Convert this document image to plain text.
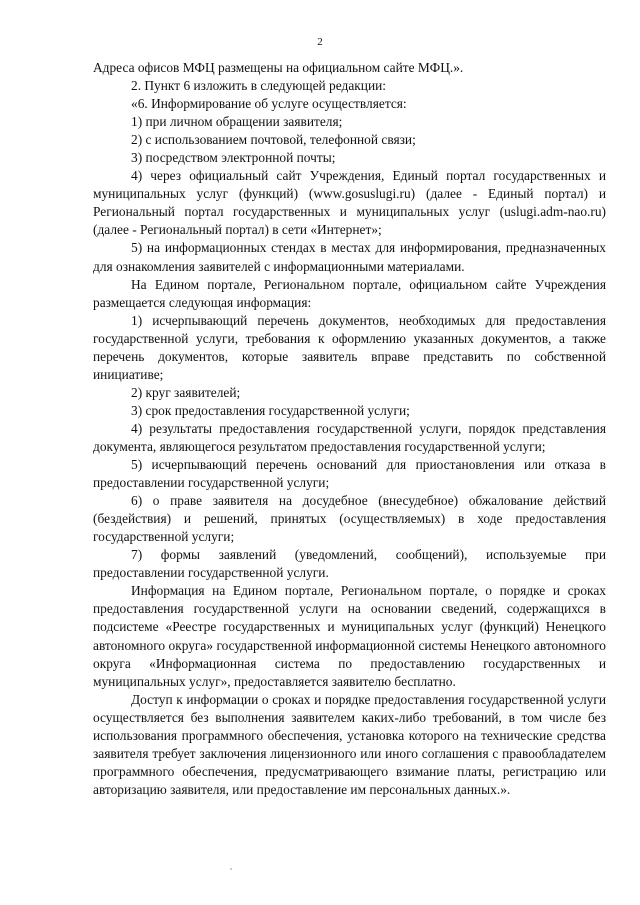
2

Адреса офисов МФЦ размещены на официальном сайте МФЦ.».

2. Пункт 6 изложить в следующей редакции:

«6. Информирование об услуге осуществляется:

1) при личном обращении заявителя;

2) с использованием почтовой, телефонной связи;

3) посредством электронной почты;

4) через официальный сайт Учреждения, Единый портал государственных и муниципальных услуг (функций) (www.gosuslugi.ru) (далее - Единый портал) и Региональный портал государственных и муниципальных услуг (uslugi.adm-nao.ru) (далее - Региональный портал) в сети «Интернет»;

5) на информационных стендах в местах для информирования, предназначенных для ознакомления заявителей с информационными материалами.

На Едином портале, Региональном портале, официальном сайте Учреждения размещается следующая информация:

1) исчерпывающий перечень документов, необходимых для предоставления государственной услуги, требования к оформлению указанных документов, а также перечень документов, которые заявитель вправе представить по собственной инициативе;

2) круг заявителей;

3) срок предоставления государственной услуги;

4) результаты предоставления государственной услуги, порядок представления документа, являющегося результатом предоставления государственной услуги;

5) исчерпывающий перечень оснований для приостановления или отказа в предоставлении государственной услуги;

6) о праве заявителя на досудебное (внесудебное) обжалование действий (бездействия) и решений, принятых (осуществляемых) в ходе предоставления государственной услуги;

7) формы заявлений (уведомлений, сообщений), используемые при предоставлении государственной услуги.

Информация на Едином портале, Региональном портале, о порядке и сроках предоставления государственной услуги на основании сведений, содержащихся в подсистеме «Реестре государственных и муниципальных услуг (функций) Ненецкого автономного округа» государственной информационной системы Ненецкого автономного округа «Информационная система по предоставлению государственных и муниципальных услуг», предоставляется заявителю бесплатно.

Доступ к информации о сроках и порядке предоставления государственной услуги осуществляется без выполнения заявителем каких-либо требований, в том числе без использования программного обеспечения, установка которого на технические средства заявителя требует заключения лицензионного или иного соглашения с правообладателем программного обеспечения, предусматривающего взимание платы, регистрацию или авторизацию заявителя, или предоставление им персональных данных.».
